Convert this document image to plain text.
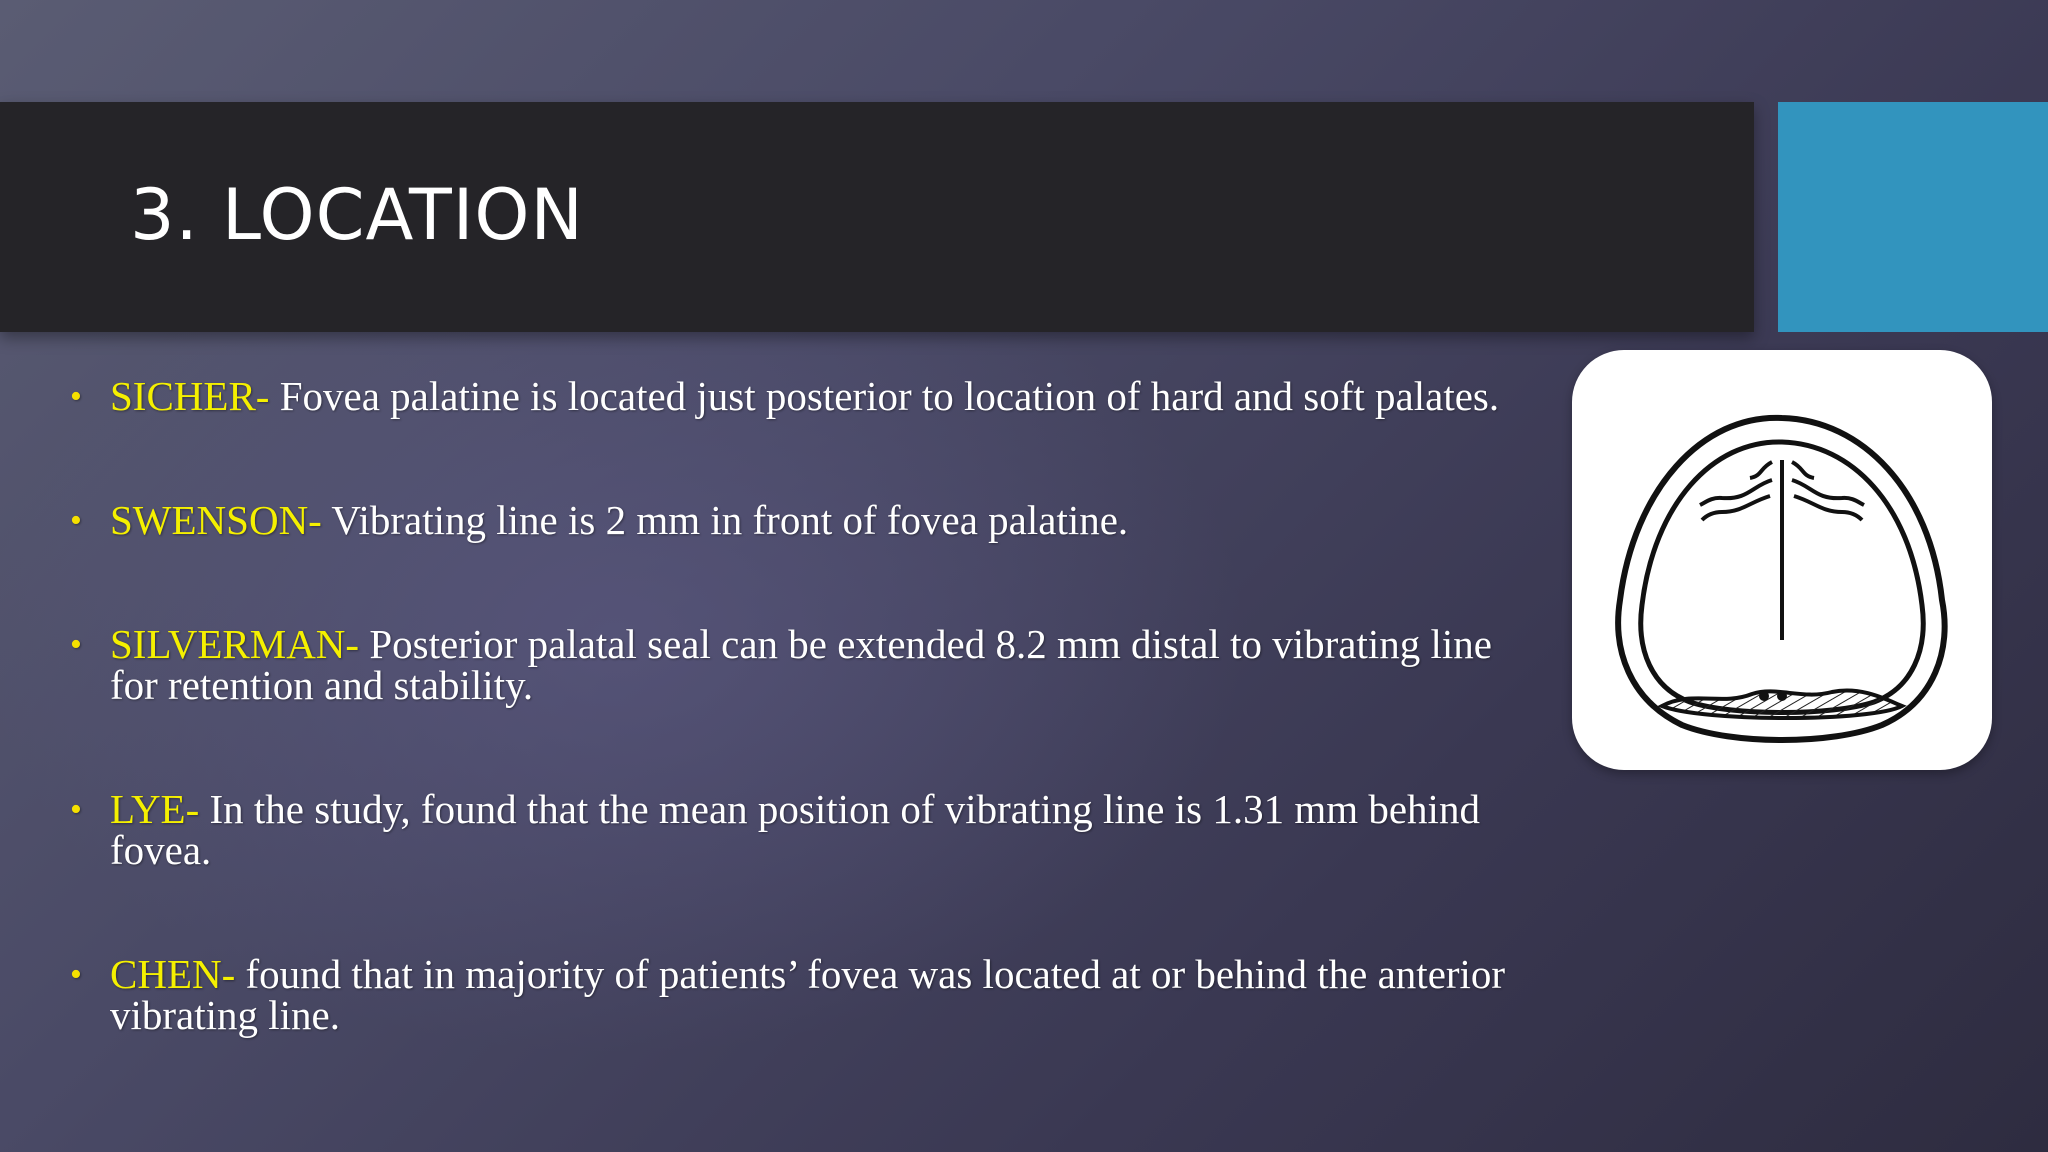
3. LOCATION
• SICHER- Fovea palatine is located just posterior to location of hard and soft palates.
• SWENSON- Vibrating line is 2 mm in front of fovea palatine.
• SILVERMAN- Posterior palatal seal can be extended 8.2 mm distal to vibrating line for retention and stability.
• LYE- In the study, found that the mean position of vibrating line is 1.31 mm behind fovea.
• CHEN- found that in majority of patients’ fovea was located at or behind the anterior vibrating line.
